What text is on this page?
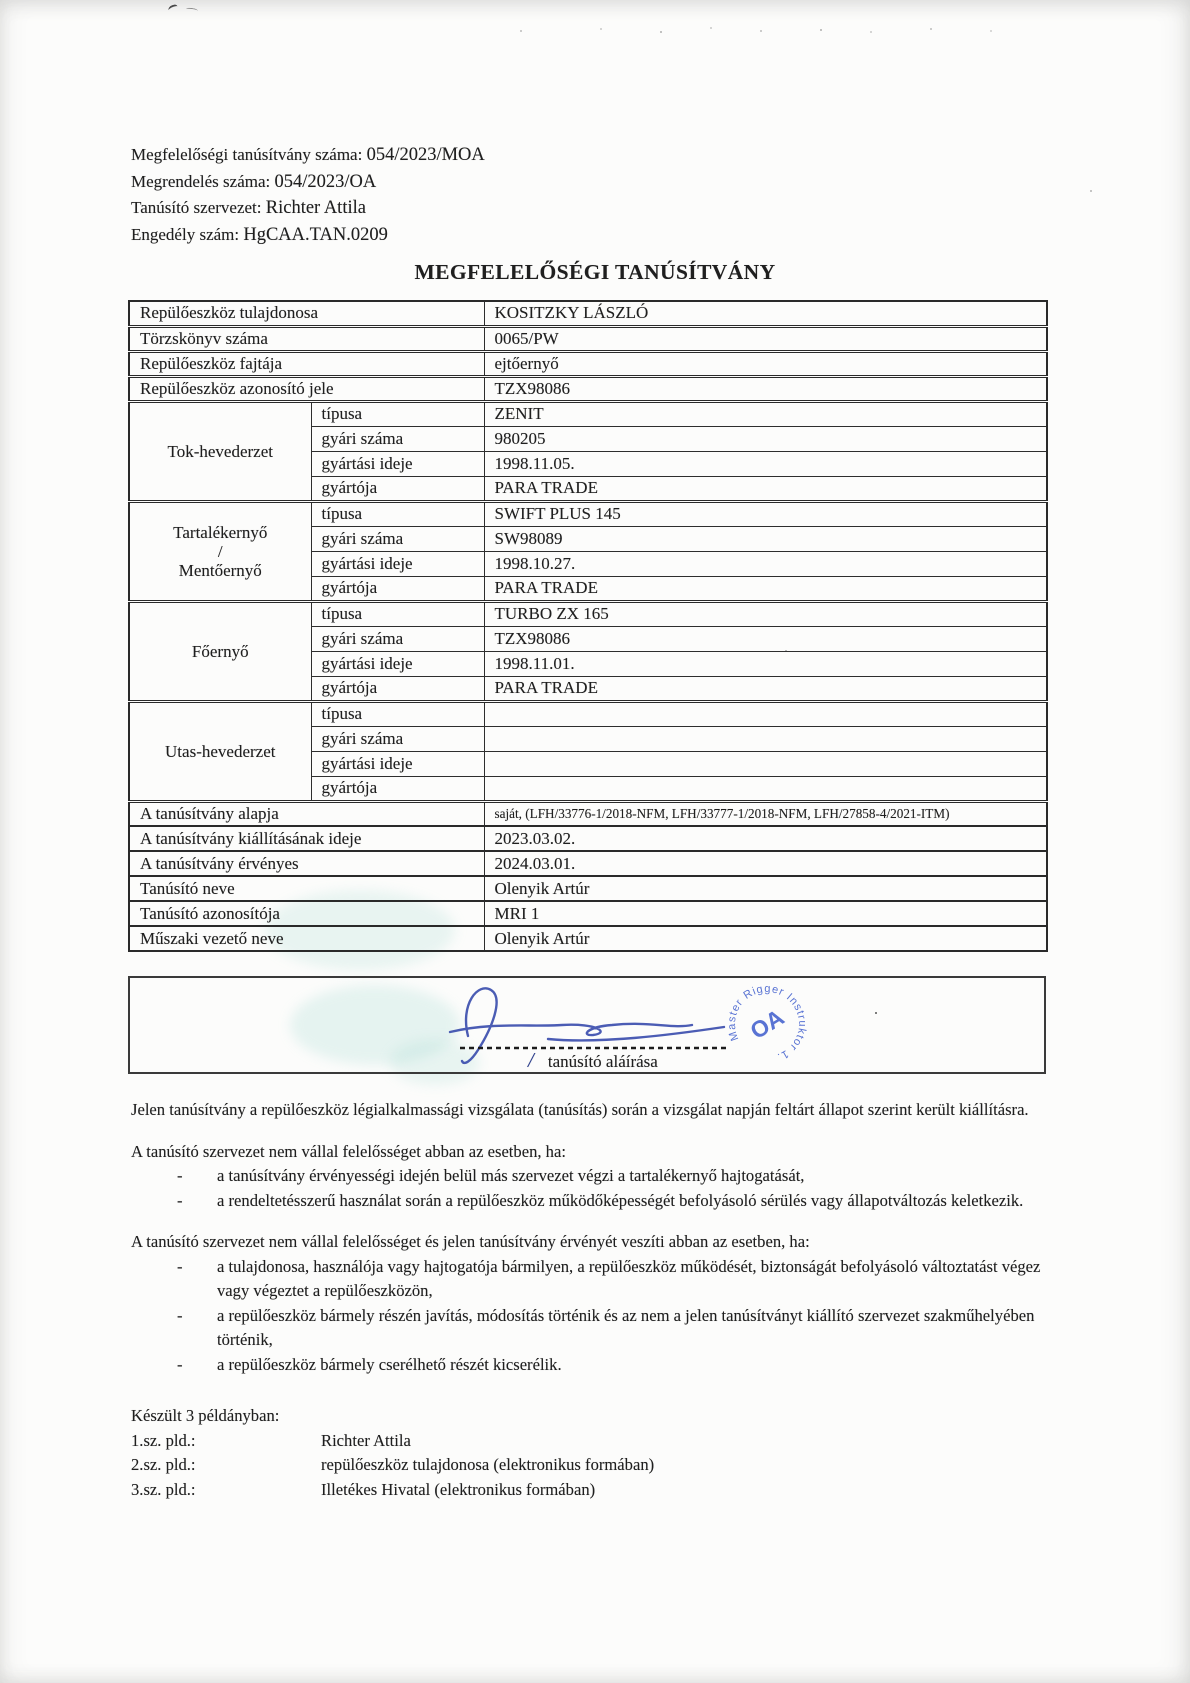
Megfelelőségi tanúsítvány száma: 054/2023/MOA
Megrendelés száma: 054/2023/OA
Tanúsító szervezet: Richter Attila
Engedély szám: HgCAA.TAN.0209
MEGFELELŐSÉGI TANÚSÍTVÁNY
Repülőeszköz tulajdonosa		KOSITZKY LÁSZLÓ
Törzskönyv száma		0065/PW
Repülőeszköz fajtája		ejtőernyő
Repülőeszköz azonosító jele		TZX98086

Tok-hevederzet	típusa	ZENIT
	gyári száma	980205
	gyártási ideje	1998.11.05.
	gyártója	PARA TRADE

Tartalékernyő
/
Mentőernyő	típusa	SWIFT PLUS 145
	gyári száma	SW98089
	gyártási ideje	1998.10.27.
	gyártója	PARA TRADE

Főernyő	típusa	TURBO ZX 165
	gyári száma	TZX98086
	gyártási ideje	1998.11.01.
	gyártója	PARA TRADE

Utas-hevederzet	típusa	
	gyári száma	
	gyártási ideje	
	gyártója	
A tanúsítvány alapja		saját, (LFH/33776-1/2018-NFM, LFH/33777-1/2018-NFM, LFH/27858-4/2021-ITM)
A tanúsítvány kiállításának ideje		2023.03.02.
A tanúsítvány érvényes		2024.03.01.
Tanúsító neve		Olenyik Artúr
Tanúsító azonosítója		MRI 1
Műszaki vezető neve		Olenyik Artúr
Master Rigger Instruktor 1.
OA
/ tanúsító aláírása
Jelen tanúsítvány a repülőeszköz légialkalmassági vizsgálata (tanúsítás) során a vizsgálat napján feltárt állapot szerint került kiállításra.
A tanúsító szervezet nem vállal felelősséget abban az esetben, ha:
-	a tanúsítvány érvényességi idején belül más szervezet végzi a tartalékernyő hajtogatását,
-	a rendeltetésszerű használat során a repülőeszköz működőképességét befolyásoló sérülés vagy állapotváltozás keletkezik.
A tanúsító szervezet nem vállal felelősséget és jelen tanúsítvány érvényét veszíti abban az esetben, ha:
-	a tulajdonosa, használója vagy hajtogatója bármilyen, a repülőeszköz működését, biztonságát befolyásoló változtatást végez vagy végeztet a repülőeszközön,
-	a repülőeszköz bármely részén javítás, módosítás történik és az nem a jelen tanúsítványt kiállító szervezet szakműhelyében történik,
-	a repülőeszköz bármely cserélhető részét kicserélik.
Készült 3 példányban:
1.sz. pld.:	Richter Attila
2.sz. pld.:	repülőeszköz tulajdonosa (elektronikus formában)
3.sz. pld.:	Illetékes Hivatal (elektronikus formában)
